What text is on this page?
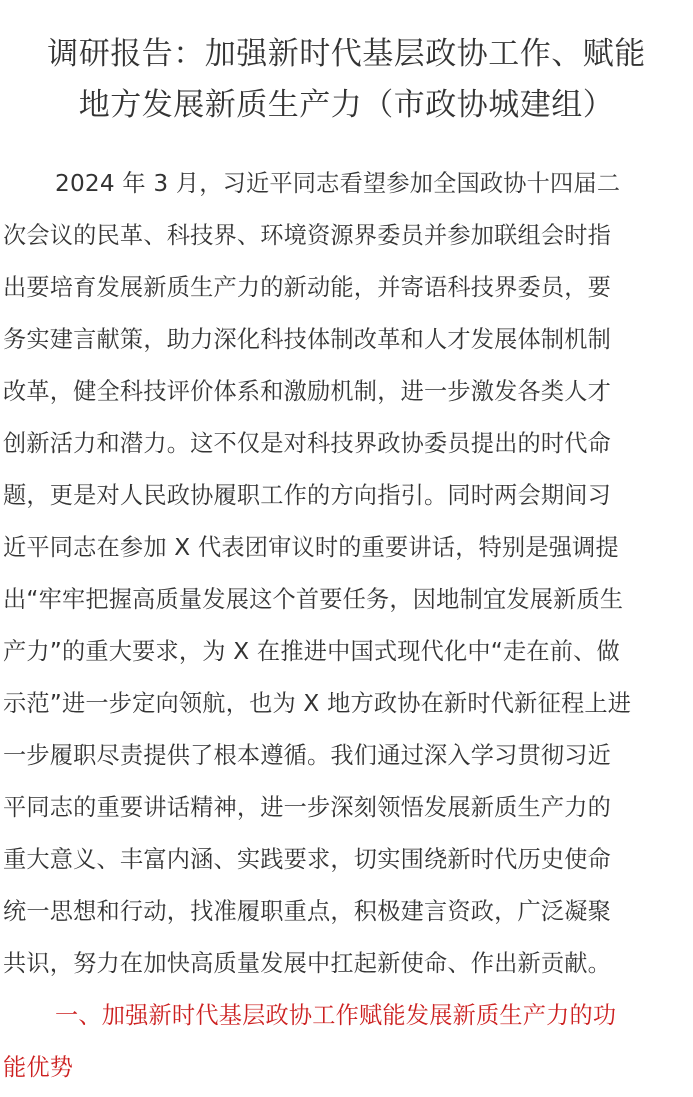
调研报告：加强新时代基层政协工作、赋能
地方发展新质生产力（市政协城建组）
2024 年 3 月，习近平同志看望参加全国政协十四届二
次会议的民革、科技界、环境资源界委员并参加联组会时指
出要培育发展新质生产力的新动能，并寄语科技界委员，要
务实建言献策，助力深化科技体制改革和人才发展体制机制
改革，健全科技评价体系和激励机制，进一步激发各类人才
创新活力和潜力。这不仅是对科技界政协委员提出的时代命
题，更是对人民政协履职工作的方向指引。同时两会期间习
近平同志在参加 X 代表团审议时的重要讲话，特别是强调提
出“牢牢把握高质量发展这个首要任务，因地制宜发展新质生
产力”的重大要求，为 X 在推进中国式现代化中“走在前、做
示范”进一步定向领航，也为 X 地方政协在新时代新征程上进
一步履职尽责提供了根本遵循。我们通过深入学习贯彻习近
平同志的重要讲话精神，进一步深刻领悟发展新质生产力的
重大意义、丰富内涵、实践要求，切实围绕新时代历史使命
统一思想和行动，找准履职重点，积极建言资政，广泛凝聚
共识，努力在加快高质量发展中扛起新使命、作出新贡献。
一、加强新时代基层政协工作赋能发展新质生产力的功
能优势
